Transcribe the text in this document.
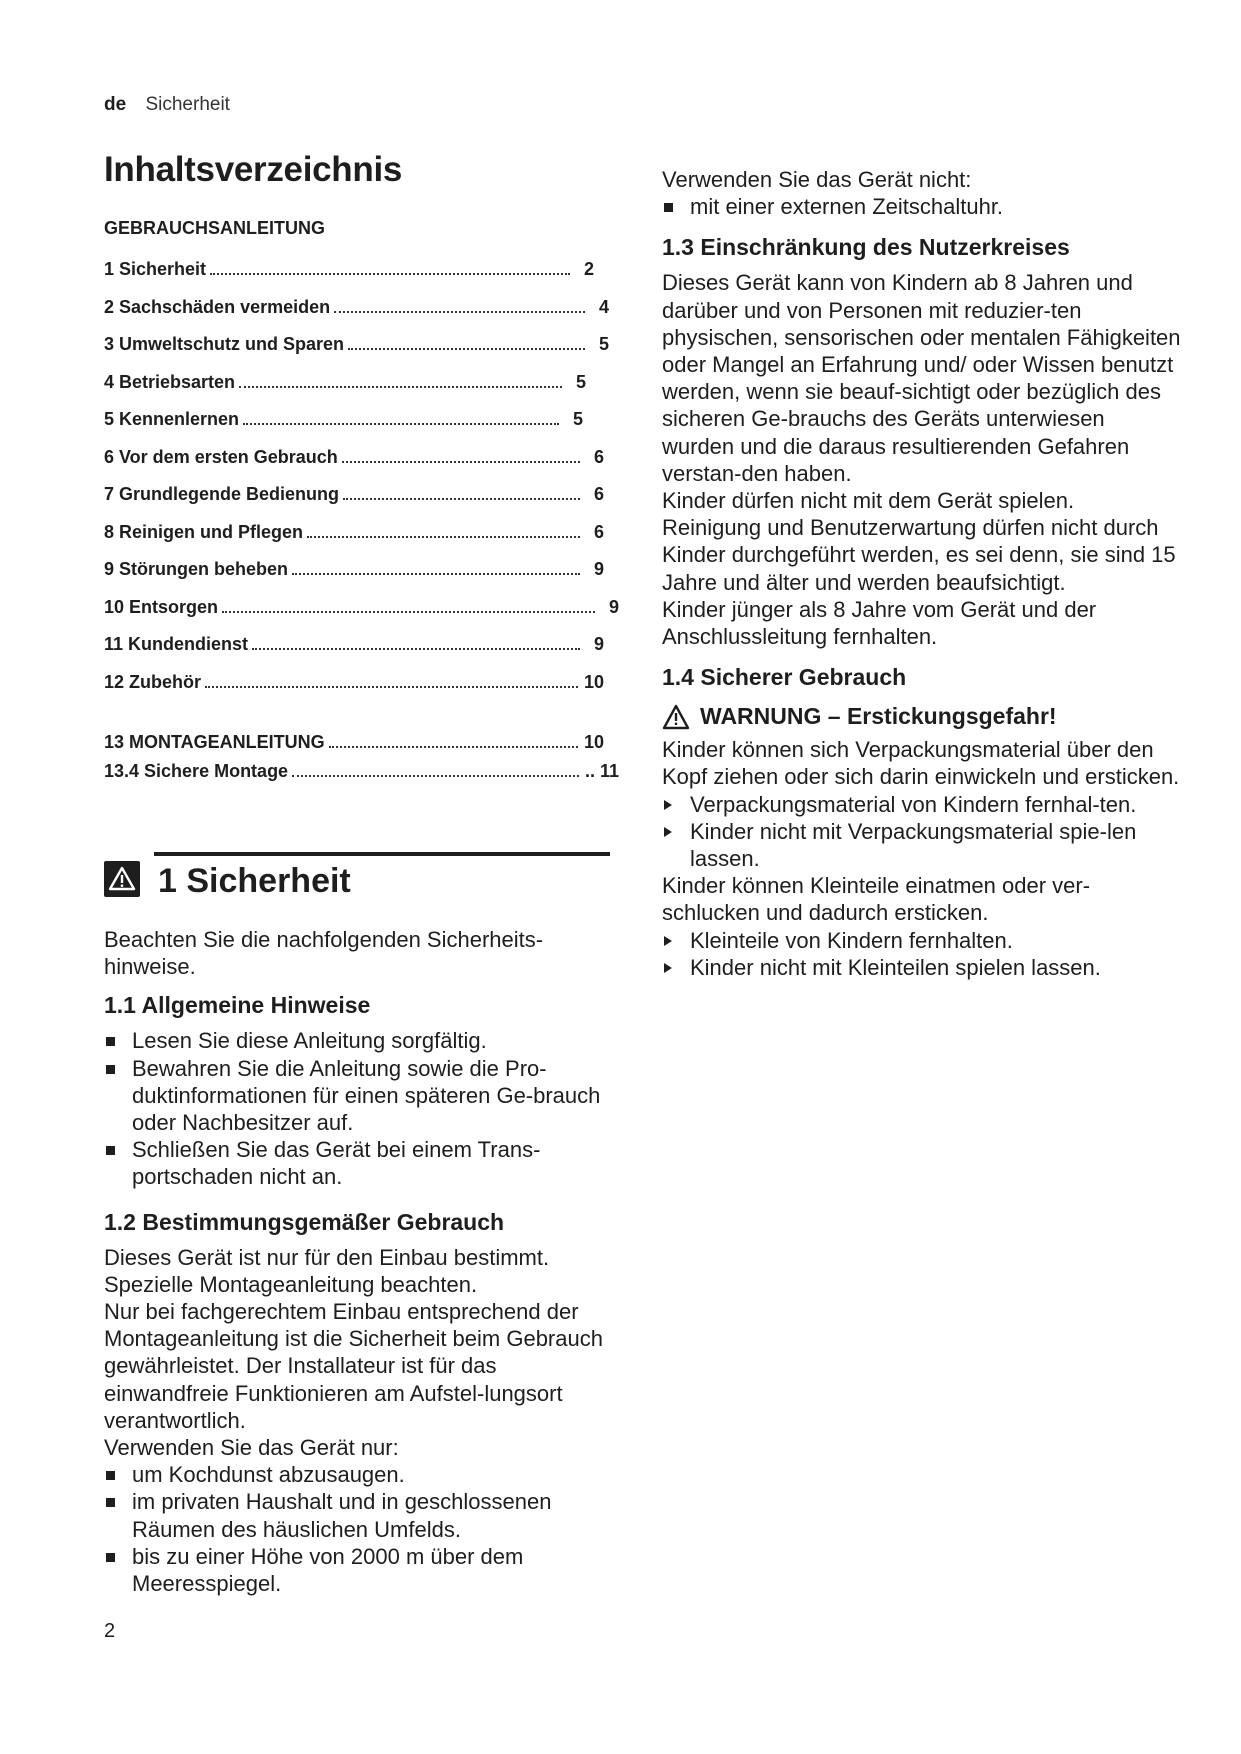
de Sicherheit
Inhaltsverzeichnis
GEBRAUCHSANLEITUNG
1 Sicherheit	2
2 Sachschäden vermeiden	4
3 Umweltschutz und Sparen	5
4 Betriebsarten	5
5 Kennenlernen	5
6 Vor dem ersten Gebrauch	6
7 Grundlegende Bedienung	6
8 Reinigen und Pflegen	6
9 Störungen beheben	9
10 Entsorgen	9
11 Kundendienst	9
12 Zubehör	10
13 MONTAGEANLEITUNG	10
13.4 Sichere Montage	.. 11
1 Sicherheit

Beachten Sie die nachfolgenden Sicherheits-hinweise.

1.1 Allgemeine Hinweise
Lesen Sie diese Anleitung sorgfältig.
Bewahren Sie die Anleitung sowie die Pro-duktinformationen für einen späteren Ge-brauch oder Nachbesitzer auf.
Schließen Sie das Gerät bei einem Trans-portschaden nicht an.
1.2 Bestimmungsgemäßer Gebrauch

Dieses Gerät ist nur für den Einbau bestimmt. Spezielle Montageanleitung beachten.

Nur bei fachgerechtem Einbau entsprechend der Montageanleitung ist die Sicherheit beim Gebrauch gewährleistet. Der Installateur ist für das einwandfreie Funktionieren am Aufstel-lungsort verantwortlich.

Verwenden Sie das Gerät nur:

um Kochdunst abzusaugen.
im privaten Haushalt und in geschlossenen Räumen des häuslichen Umfelds.
bis zu einer Höhe von 2000 m über dem Meeresspiegel.

Verwenden Sie das Gerät nicht:

mit einer externen Zeitschaltuhr.
1.3 Einschränkung des Nutzerkreises

Dieses Gerät kann von Kindern ab 8 Jahren und darüber und von Personen mit reduzier-ten physischen, sensorischen oder mentalen Fähigkeiten oder Mangel an Erfahrung und/ oder Wissen benutzt werden, wenn sie beauf-sichtigt oder bezüglich des sicheren Ge-brauchs des Geräts unterwiesen wurden und die daraus resultierenden Gefahren verstan-den haben.

Kinder dürfen nicht mit dem Gerät spielen.

Reinigung und Benutzerwartung dürfen nicht durch Kinder durchgeführt werden, es sei denn, sie sind 15 Jahre und älter und werden beaufsichtigt.

Kinder jünger als 8 Jahre vom Gerät und der Anschlussleitung fernhalten.

1.4 Sicherer Gebrauch
WARNUNG – Erstickungsgefahr!

Kinder können sich Verpackungsmaterial über den Kopf ziehen oder sich darin einwickeln und ersticken.

Verpackungsmaterial von Kindern fernhal-ten.
Kinder nicht mit Verpackungsmaterial spie-len lassen.

Kinder können Kleinteile einatmen oder ver-schlucken und dadurch ersticken.

Kleinteile von Kindern fernhalten.
Kinder nicht mit Kleinteilen spielen lassen.
2
